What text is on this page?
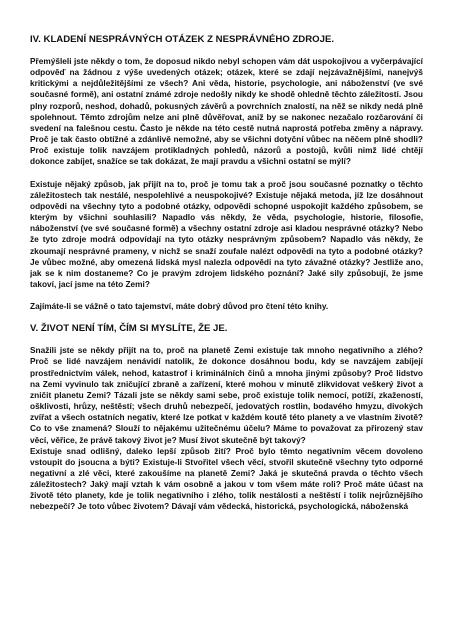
IV. KLADENÍ NESPRÁVNÝCH OTÁZEK Z NESPRÁVNÉHO ZDROJE.

Přemýšleli jste někdy o tom, že doposud nikdo nebyl schopen vám dát uspokojivou a vyčerpávající odpověď na žádnou z výše uvedených otázek; otázek, které se zdají nejzávažnějšími, nanejvýš kritickými a nejdůležitějšími ze všech? Ani věda, historie, psychologie, ani náboženství (ve své současné formě), ani ostatní známé zdroje nedošly nikdy ke shodě ohledně těchto záležitostí. Jsou plny rozporů, neshod, dohadů, pokusných závěrů a povrchních znalostí, na něž se nikdy nedá plně spolehnout. Těmto zdrojům nelze ani plně důvěřovat, aniž by se nakonec nezačalo rozčarování či svedení na falešnou cestu. Často je někde na této cestě nutná naprostá potřeba změny a nápravy. Proč je tak často obtížné a zdánlivě nemožné, aby se všichni dotyční vůbec na něčem plně shodli? Proč existuje tolik navzájem protikladných pohledů, názorů a postojů, kvůli nimž lidé chtějí dokonce zabíjet, snažíce se tak dokázat, že mají pravdu a všichni ostatní se mýlí?

Existuje nějaký způsob, jak přijít na to, proč je tomu tak a proč jsou současné poznatky o těchto záležitostech tak nestálé, nespolehlivé a neuspokojivé? Existuje nějaká metoda, jíž lze dosáhnout odpovědi na všechny tyto a podobné otázky, odpovědi schopné uspokojit každého způsobem, se kterým by všichni souhlasili? Napadlo vás někdy, že věda, psychologie, historie, filosofie, náboženství (ve své současné formě) a všechny ostatní zdroje asi kladou nesprávné otázky? Nebo že tyto zdroje modrá odpovídají na tyto otázky nesprávným způsobem? Napadlo vás někdy, že zkoumají nesprávné prameny, v nichž se snaží zoufale nalézt odpovědi na tyto a podobné otázky? Je vůbec možné, aby omezená lidská mysl nalezla odpovědi na tyto závažné otázky? Jestliže ano, jak se k nim dostaneme? Co je pravým zdrojem lidského poznání? Jaké sily způsobují, že jsme takoví, jací jsme na této Zemi?

Zajímáte-li se vážně o tato tajemství, máte dobrý důvod pro čtení této knihy.

V. ŽIVOT NENÍ TÍM, ČÍM SI MYSLÍTE, ŽE JE.

Snažili jste se někdy přijít na to, proč na planetě Zemi existuje tak mnoho negativního a zlého? Proč se lidé navzájem nenávidí natolik, že dokonce dosáhnou bodu, kdy se navzájem zabíjejí prostřednictvím válek, nehod, katastrof i kriminálních činů a mnoha jinými způsoby? Proč lidstvo na Zemi vyvinulo tak zničující zbraně a zařízení, které mohou v minutě zlikvidovat veškerý život a zničit planetu Zemi? Tázali jste se někdy sami sebe, proč existuje tolik nemocí, potíží, zkažeností, ošklivosti, hrůzy, neštěstí; všech druhů nebezpečí, jedovatých rostlin, bodavého hmyzu, divokých zvířat a všech ostatních negativ, které lze potkat v každém koutě této planety a ve vlastním životě? Co to vše znamená? Slouží to nějakému užitečnému účelu? Máme to považovat za přirozený stav věcí, věřice, že právě takový život je? Musí život skutečně být takový?

Existuje snad odlišný, daleko lepší způsob žití? Proč bylo těmto negativním věcem dovoleno vstoupit do jsoucna a býti? Existuje-li Stvořitel všech věcí, stvořil skutečně všechny tyto odporné negativní a zlé věci, které zakoušíme na planetě Zemi? Jaká je skutečná pravda o těchto všech záležitostech? Jaký mají vztah k vám osobně a jakou v tom všem máte roli? Proč máte účast na životě této planety, kde je tolik negativního i zlého, tolik nestálosti a neštěstí i tolik nejrůznějšího nebezpečí? Je toto vůbec životem? Dávají vám vědecká, historická, psychologická, náboženská
